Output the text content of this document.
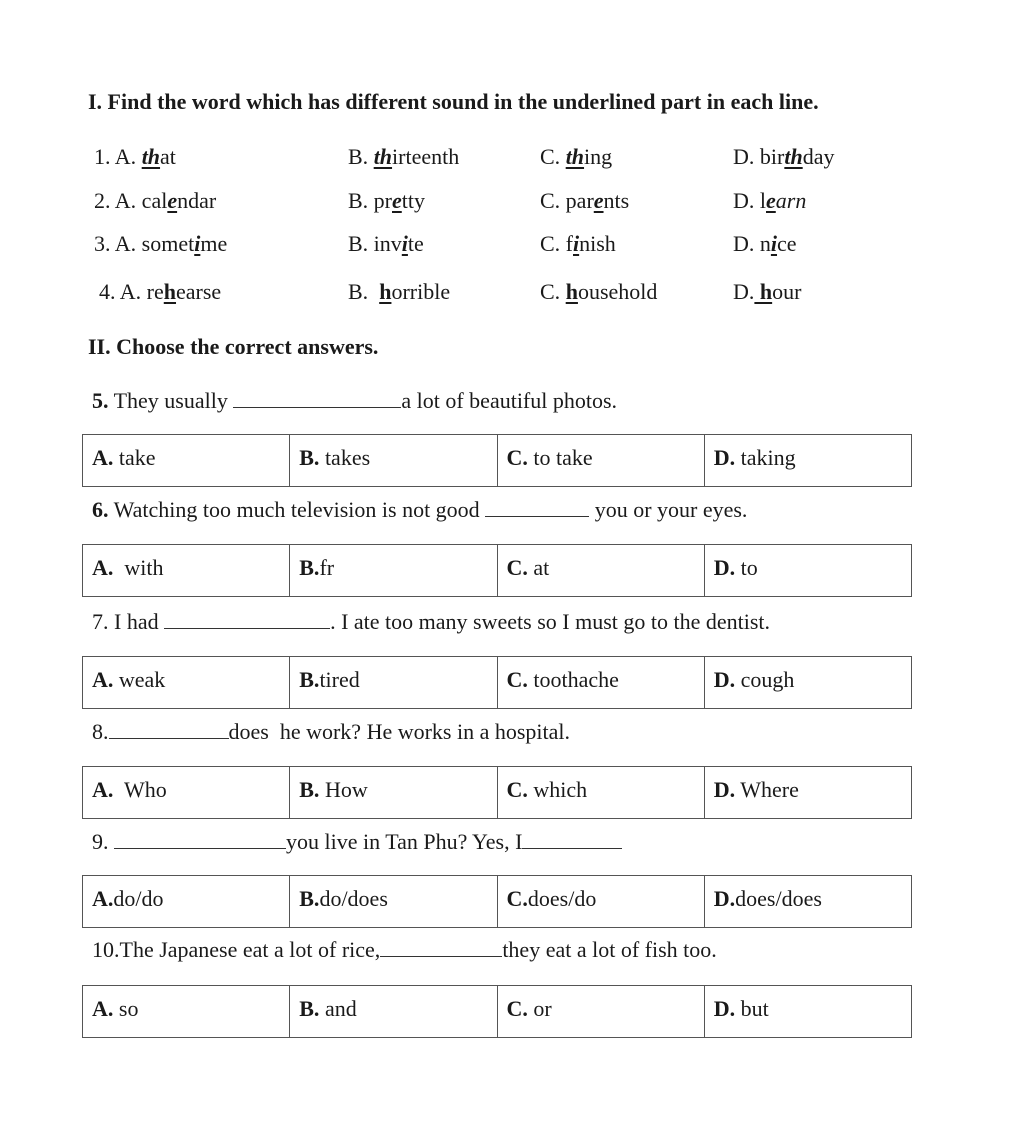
I. Find the word which has different sound in the underlined part in each line.
1. A. that	B. thirteenth	C. thing	D. birthday
2. A. calendar	B. pretty	C. parents	D. learn
3. A. sometime	B. invite	C. finish	D. nice
4. A. rehearse	B.  horrible	C. household	D. hour
II. Choose the correct answers.
5. They usually	a lot of beautiful photos.
A. take	B. takes	C. to take	D. taking
6. Watching too much television is not good	you or your eyes.
A.  with	B.fr	C. at	D. to
7. I had	. I ate too many sweets so I must go to the dentist.
A. weak	B.tired	C. toothache	D. cough
8.	does  he work? He works in a hospital.
A.  Who	B. How	C. which	D. Where
9.	you live in Tan Phu? Yes, I
A.do/do	B.do/does	C.does/do	D.does/does
10.The Japanese eat a lot of rice,	they eat a lot of fish too.
A. so	B. and	C. or	D. but
